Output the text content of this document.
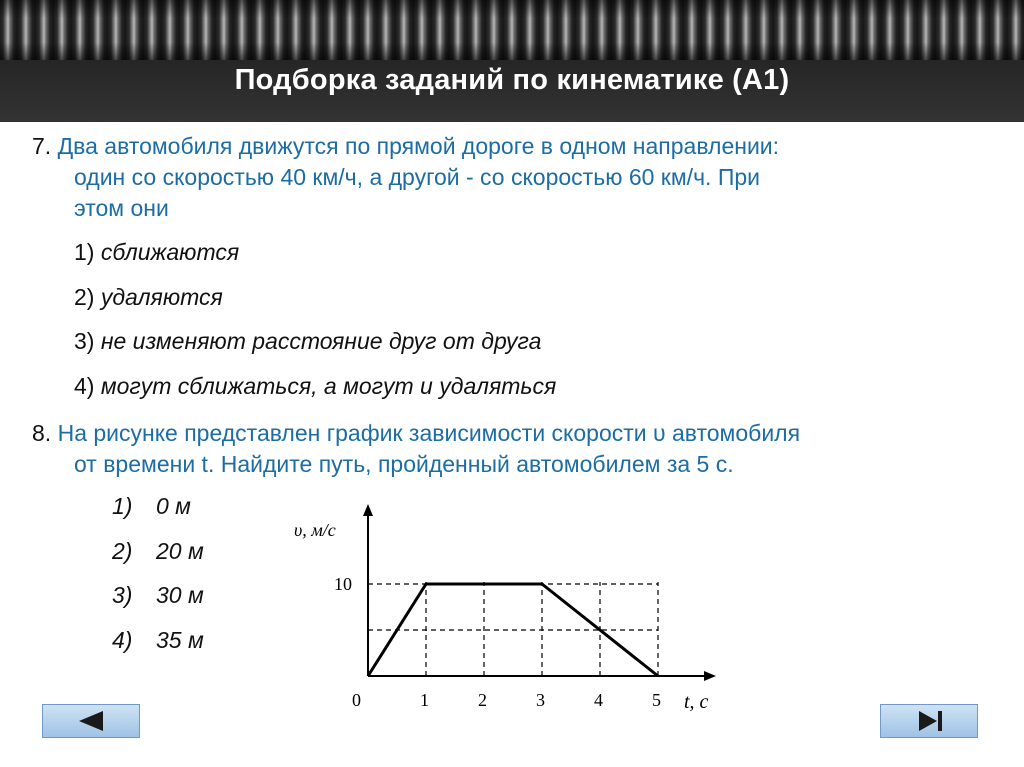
Подборка заданий по кинематике (А1)
7. Два автомобиля движутся по прямой дороге в одном направлении:
один со скоростью 40 км/ч, а другой - со скоростью 60 км/ч. При
этом они
1) сближаются
2) удаляются
3) не изменяют расстояние друг от друга
4) могут сближаться, а могут и удаляться
8. На рисунке представлен график зависимости скорости υ автомобиля
от времени t. Найдите путь, пройденный автомобилем за 5 с.
1) 0 м
2) 20 м
3) 30 м
4) 35 м
0	1	2	3	4	5
10
υ, м/с
t, с
